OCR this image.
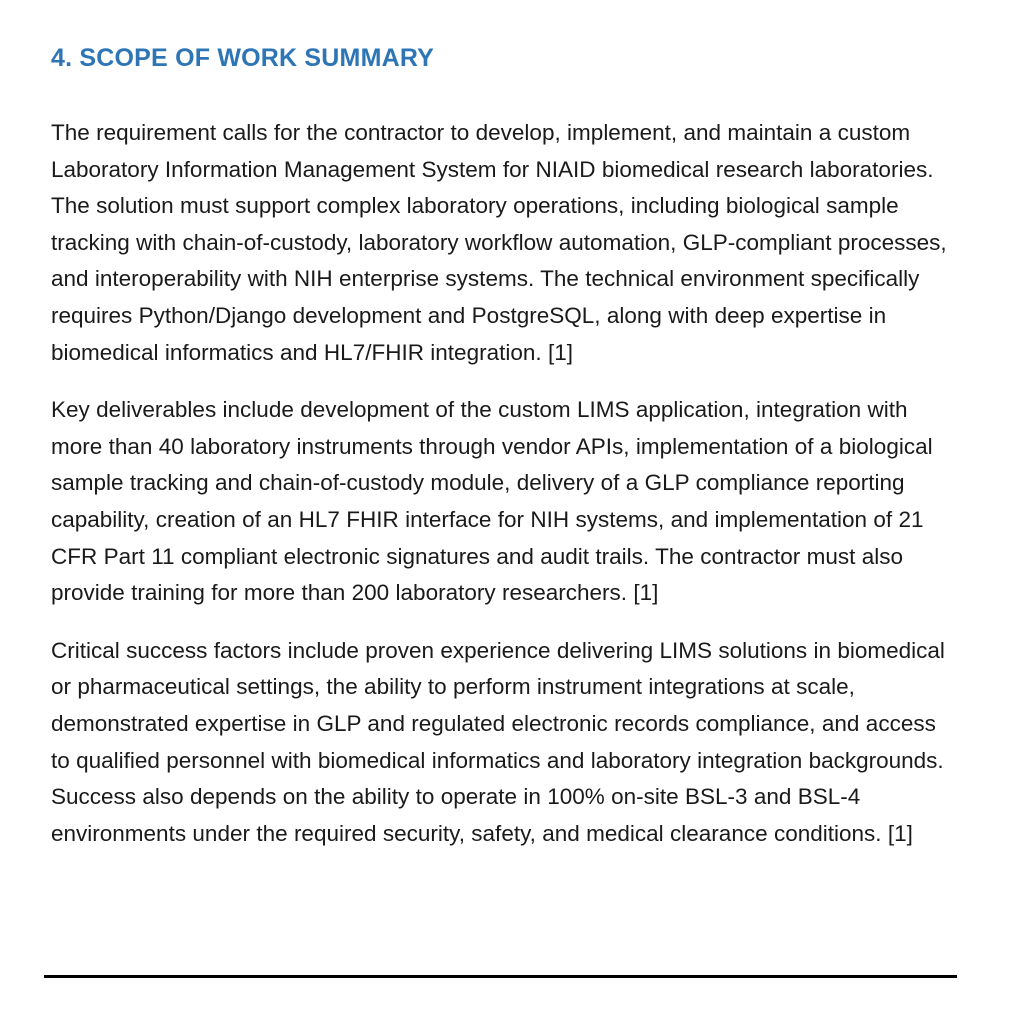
4. SCOPE OF WORK SUMMARY

The requirement calls for the contractor to develop, implement, and maintain a custom Laboratory Information Management System for NIAID biomedical research laboratories. The solution must support complex laboratory operations, including biological sample tracking with chain-of-custody, laboratory workflow automation, GLP-compliant processes, and interoperability with NIH enterprise systems. The technical environment specifically requires Python/Django development and PostgreSQL, along with deep expertise in biomedical informatics and HL7/FHIR integration. [1]

Key deliverables include development of the custom LIMS application, integration with more than 40 laboratory instruments through vendor APIs, implementation of a biological sample tracking and chain-of-custody module, delivery of a GLP compliance reporting capability, creation of an HL7 FHIR interface for NIH systems, and implementation of 21 CFR Part 11 compliant electronic signatures and audit trails. The contractor must also provide training for more than 200 laboratory researchers. [1]

Critical success factors include proven experience delivering LIMS solutions in biomedical or pharmaceutical settings, the ability to perform instrument integrations at scale, demonstrated expertise in GLP and regulated electronic records compliance, and access to qualified personnel with biomedical informatics and laboratory integration backgrounds. Success also depends on the ability to operate in 100% on-site BSL-3 and BSL-4 environments under the required security, safety, and medical clearance conditions. [1]
